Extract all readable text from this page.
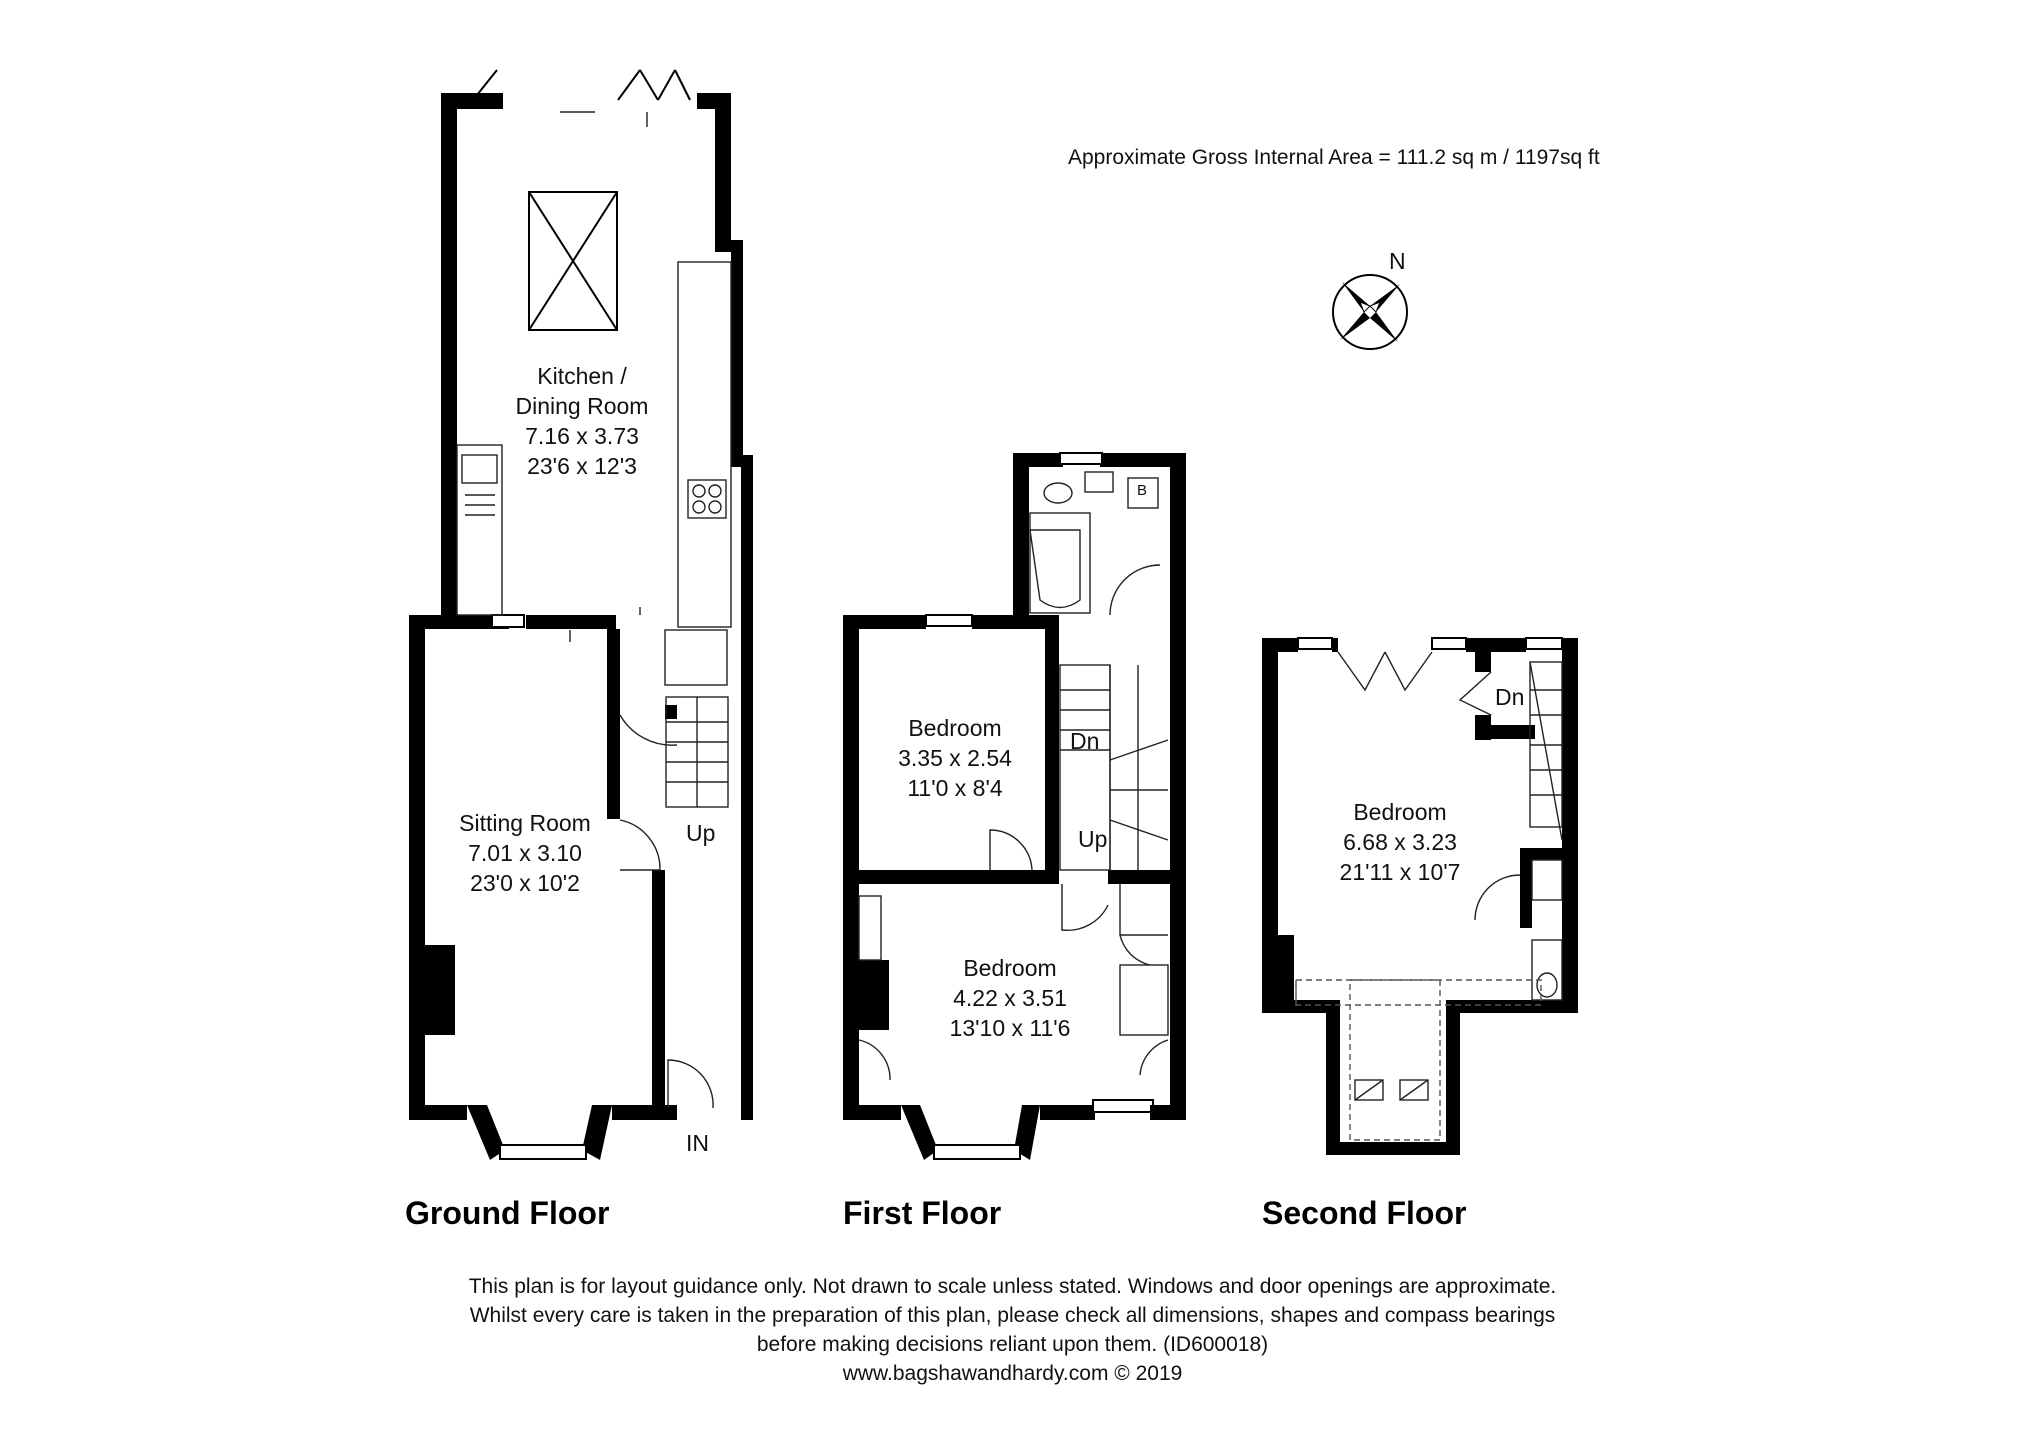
Approximate Gross Internal Area = 111.2 sq m / 1197sq ft
N
Kitchen /
Dining Room
7.16 x 3.73
23'6 x 12'3
Sitting Room
7.01 x 3.10
23'0 x 10'2
Up
IN
Bedroom
3.35 x 2.54
11'0 x 8'4
Bedroom
4.22 x 3.51
13'10 x 11'6
Dn
Up
B
Bedroom
6.68 x 3.23
21'11 x 10'7
Dn
Ground Floor	First Floor	Second Floor
This plan is for layout guidance only. Not drawn to scale unless stated. Windows and door openings are approximate.
Whilst every care is taken in the preparation of this plan, please check all dimensions, shapes and compass bearings
before making decisions reliant upon them. (ID600018)
www.bagshawandhardy.com © 2019
